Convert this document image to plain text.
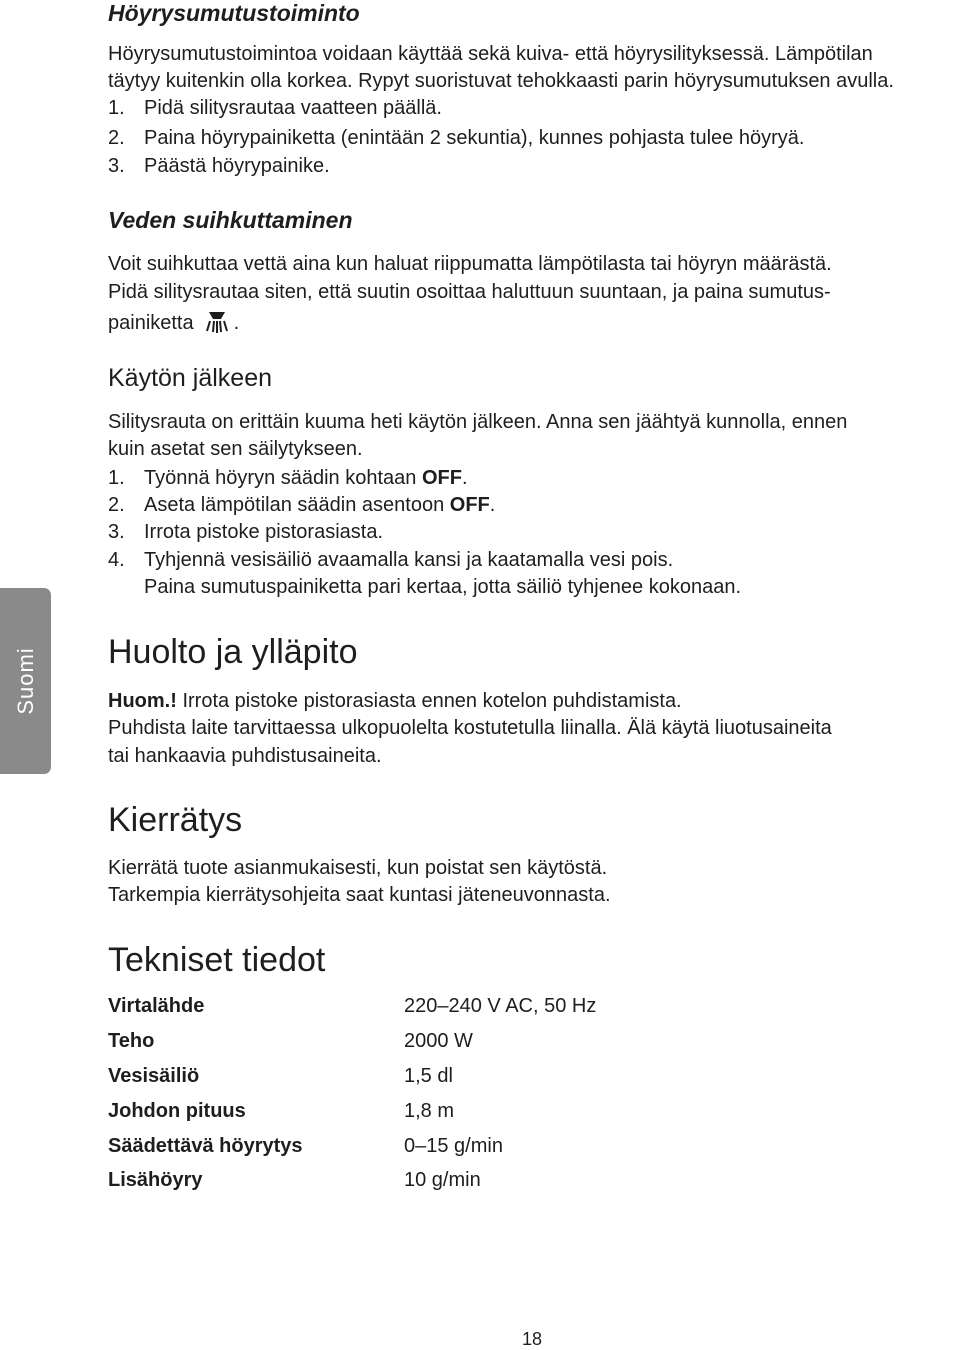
Suomi
Höyrysumutustoiminto
Höyrysumutustoimintoa voidaan käyttää sekä kuiva- että höyrysilityksessä. Lämpötilan
täytyy kuitenkin olla korkea. Rypyt suoristuvat tehokkaasti parin höyrysumutuksen avulla.
1. Pidä silitysrautaa vaatteen päällä.
2. Paina höyrypainiketta (enintään 2 sekuntia), kunnes pohjasta tulee höyryä.
3. Päästä höyrypainike.
Veden suihkuttaminen
Voit suihkuttaa vettä aina kun haluat riippumatta lämpötilasta tai höyryn määrästä.
Pidä silitysrautaa siten, että suutin osoittaa haluttuun suuntaan, ja paina sumutus-
painiketta .
Käytön jälkeen
Silitysrauta on erittäin kuuma heti käytön jälkeen. Anna sen jäähtyä kunnolla, ennen
kuin asetat sen säilytykseen.
1. Työnnä höyryn säädin kohtaan OFF.
2. Aseta lämpötilan säädin asentoon OFF.
3. Irrota pistoke pistorasiasta.
4. Tyhjennä vesisäiliö avaamalla kansi ja kaatamalla vesi pois.
Paina sumutuspainiketta pari kertaa, jotta säiliö tyhjenee kokonaan.
Huolto ja ylläpito
Huom.! Irrota pistoke pistorasiasta ennen kotelon puhdistamista.
Puhdista laite tarvittaessa ulkopuolelta kostutetulla liinalla. Älä käytä liuotusaineita
tai hankaavia puhdistusaineita.
Kierrätys
Kierrätä tuote asianmukaisesti, kun poistat sen käytöstä.
Tarkempia kierrätysohjeita saat kuntasi jäteneuvonnasta.
Tekniset tiedot
Virtalähde	220–240 V AC, 50 Hz
Teho	2000 W
Vesisäiliö	1,5 dl
Johdon pituus	1,8 m
Säädettävä höyrytys	0–15 g/min
Lisähöyry	10 g/min
18
